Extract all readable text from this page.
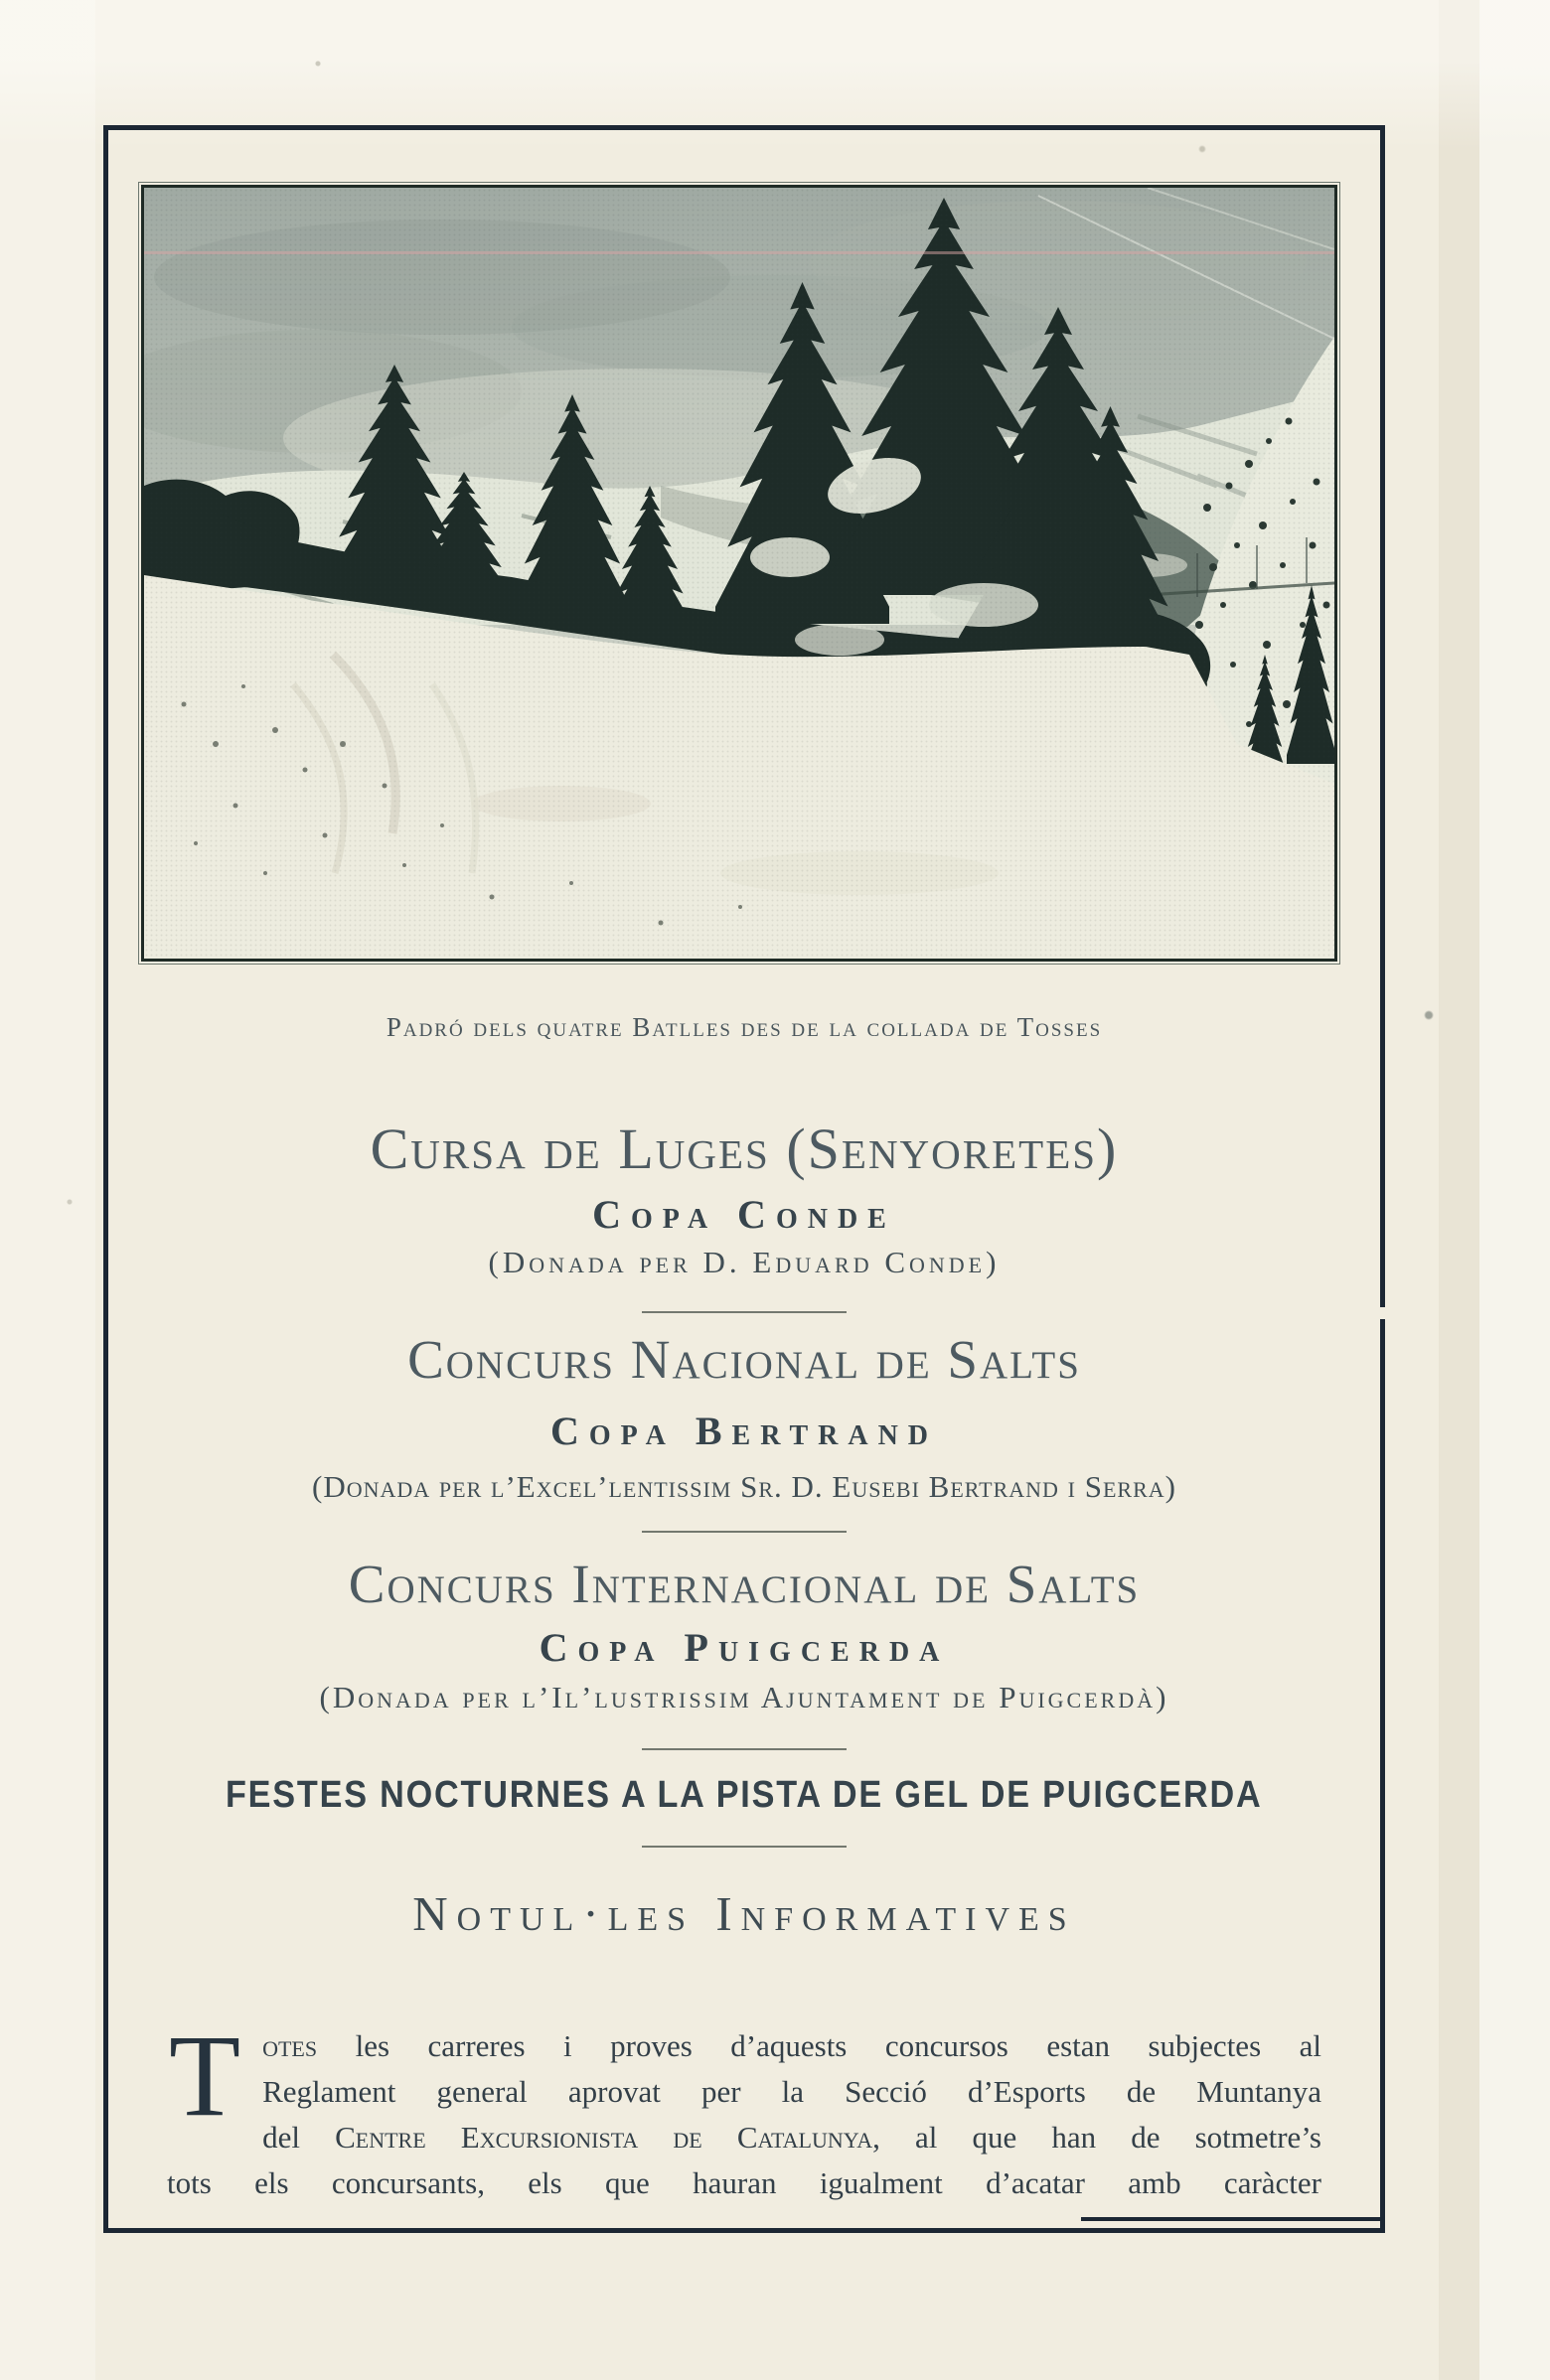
Padró dels quatre Batlles des de la collada de Tosses
Cursa de Luges (Senyoretes)
Copa Conde
(Donada per D. Eduard Conde)
Concurs Nacional de Salts
Copa Bertrand
(Donada per l’Excel’lentissim Sr. D. Eusebi Bertrand i Serra)
Concurs Internacional de Salts
Copa Puigcerda
(Donada per l’Il’lustrissim Ajuntament de Puigcerdà)
FESTES NOCTURNES A LA PISTA DE GEL DE PUIGCERDA
Notul·les Informatives

Totes les carreres i proves d’aquests concursos estan subjectes al
Reglament general aprovat per la Secció d’Esports de Muntanya
del Centre Excursionista de Catalunya, al que han de sotmetre’s
tots els concursants, els que hauran igualment d’acatar amb caràcter
